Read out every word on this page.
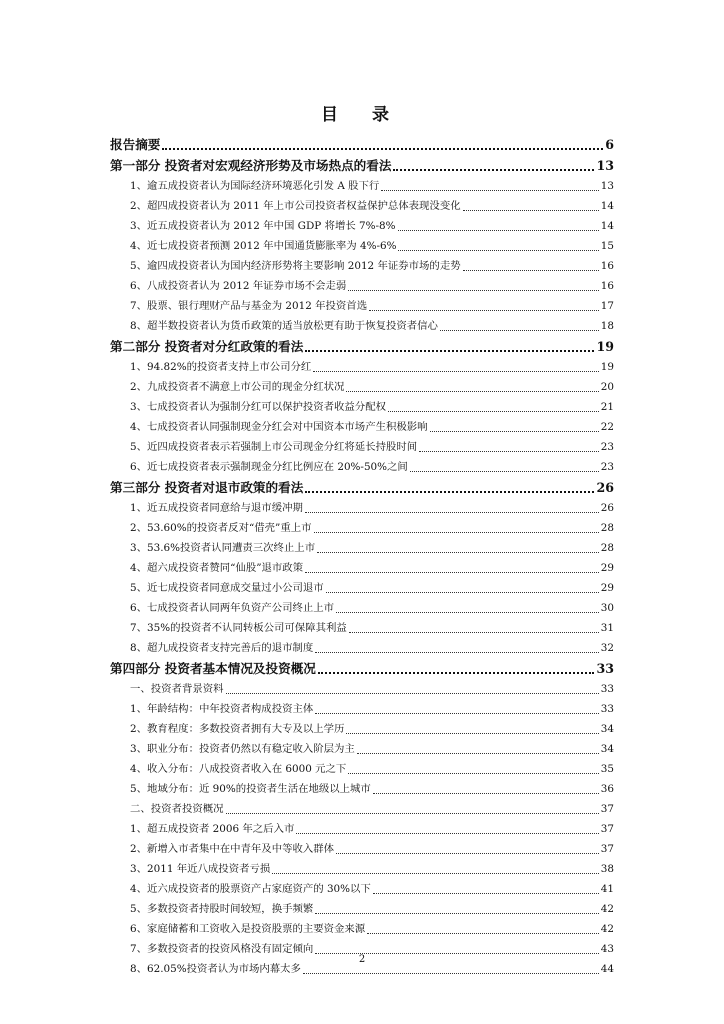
目 录
报告摘要	6
第一部分 投资者对宏观经济形势及市场热点的看法	13
1、逾五成投资者认为国际经济环境恶化引发 A 股下行	13
2、超四成投资者认为 2011 年上市公司投资者权益保护总体表现没变化	14
3、近五成投资者认为 2012 年中国 GDP 将增长 7%-8%	14
4、近七成投资者预测 2012 年中国通货膨胀率为 4%-6%	15
5、逾四成投资者认为国内经济形势将主要影响 2012 年证券市场的走势	16
6、八成投资者认为 2012 年证券市场不会走弱	16
7、股票、银行理财产品与基金为 2012 年投资首选	17
8、超半数投资者认为货币政策的适当放松更有助于恢复投资者信心	18
第二部分 投资者对分红政策的看法	19
1、94.82%的投资者支持上市公司分红	19
2、九成投资者不满意上市公司的现金分红状况	20
3、七成投资者认为强制分红可以保护投资者收益分配权	21
4、七成投资者认同强制现金分红会对中国资本市场产生积极影响	22
5、近四成投资者表示若强制上市公司现金分红将延长持股时间	23
6、近七成投资者表示强制现金分红比例应在 20%-50%之间	23
第三部分 投资者对退市政策的看法	26
1、近五成投资者同意给与退市缓冲期	26
2、53.60%的投资者反对“借壳”重上市	28
3、53.6%投资者认同遭责三次终止上市	28
4、超六成投资者赞同“仙股”退市政策	29
5、近七成投资者同意成交量过小公司退市	29
6、七成投资者认同两年负资产公司终止上市	30
7、35%的投资者不认同转板公司可保障其利益	31
8、超九成投资者支持完善后的退市制度	32
第四部分 投资者基本情况及投资概况	33
一、投资者背景资料	33
1、年龄结构：中年投资者构成投资主体	33
2、教育程度：多数投资者拥有大专及以上学历	34
3、职业分布：投资者仍然以有稳定收入阶层为主	34
4、收入分布：八成投资者收入在 6000 元之下	35
5、地域分布：近 90%的投资者生活在地级以上城市	36
二、投资者投资概况	37
1、超五成投资者 2006 年之后入市	37
2、新增入市者集中在中青年及中等收入群体	37
3、2011 年近八成投资者亏损	38
4、近六成投资者的股票资产占家庭资产的 30%以下	41
5、多数投资者持股时间较短，换手频繁	42
6、家庭储蓄和工资收入是投资股票的主要资金来源	42
7、多数投资者的投资风格没有固定倾向	43
8、62.05%投资者认为市场内幕太多	44
2
